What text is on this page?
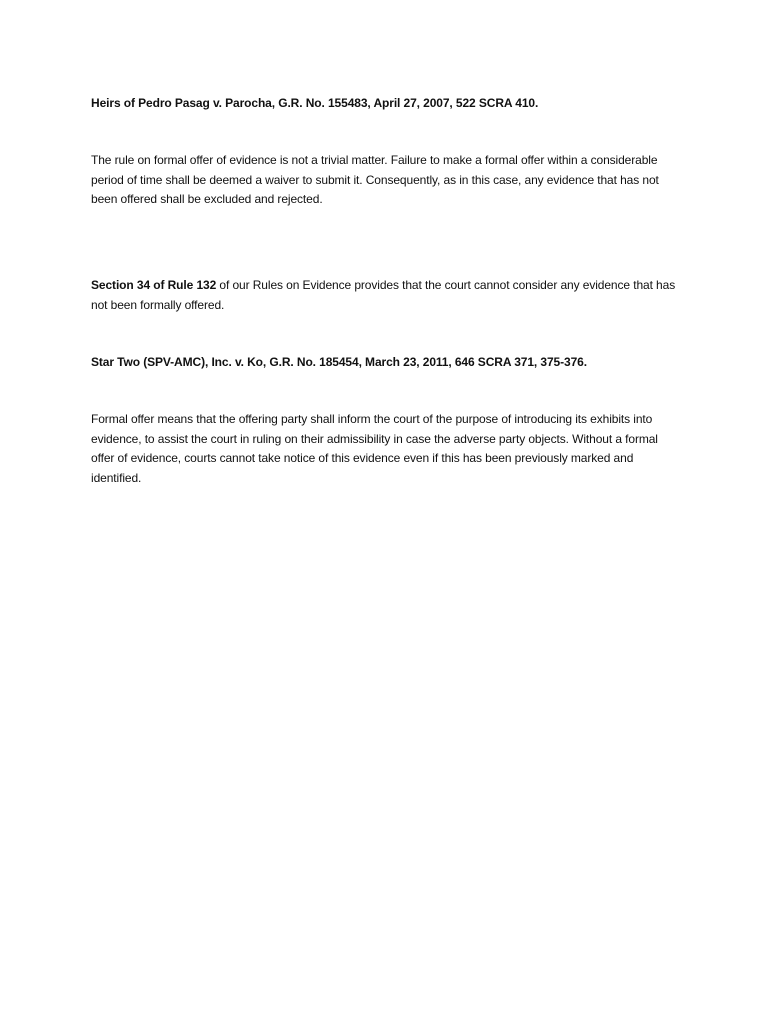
Heirs of Pedro Pasag v. Parocha, G.R. No. 155483, April 27, 2007, 522 SCRA 410.

The rule on formal offer of evidence is not a trivial matter. Failure to make a formal offer within a considerable period of time shall be deemed a waiver to submit it. Consequently, as in this case, any evidence that has not been offered shall be excluded and rejected.

Section 34 of Rule 132 of our Rules on Evidence provides that the court cannot consider any evidence that has not been formally offered.

Star Two (SPV-AMC), Inc. v. Ko, G.R. No. 185454, March 23, 2011, 646 SCRA 371, 375-376.

Formal offer means that the offering party shall inform the court of the purpose of introducing its exhibits into evidence, to assist the court in ruling on their admissibility in case the adverse party objects. Without a formal offer of evidence, courts cannot take notice of this evidence even if this has been previously marked and identified.
